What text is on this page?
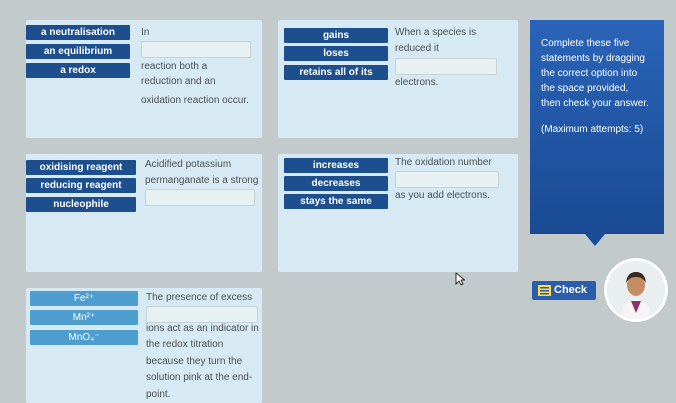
a neutralisation
an equilibrium
a redox
In
reaction both a
reduction and an
oxidation reaction occur.
gains
loses
retains all of its
When a species is
reduced it
electrons.
oxidising reagent
reducing reagent
nucleophile
Acidified potassium
permanganate is a strong
increases
decreases
stays the same
The oxidation number
as you add electrons.
Fe²⁺
Mn²⁺
MnO₄⁻
The presence of excess
ions act as an indicator in
the redox titration
because they turn the
solution pink at the end-
point.
Complete these five
statements by dragging
the correct option into
the space provided,
then check your answer.
(Maximum attempts: 5)
Check
